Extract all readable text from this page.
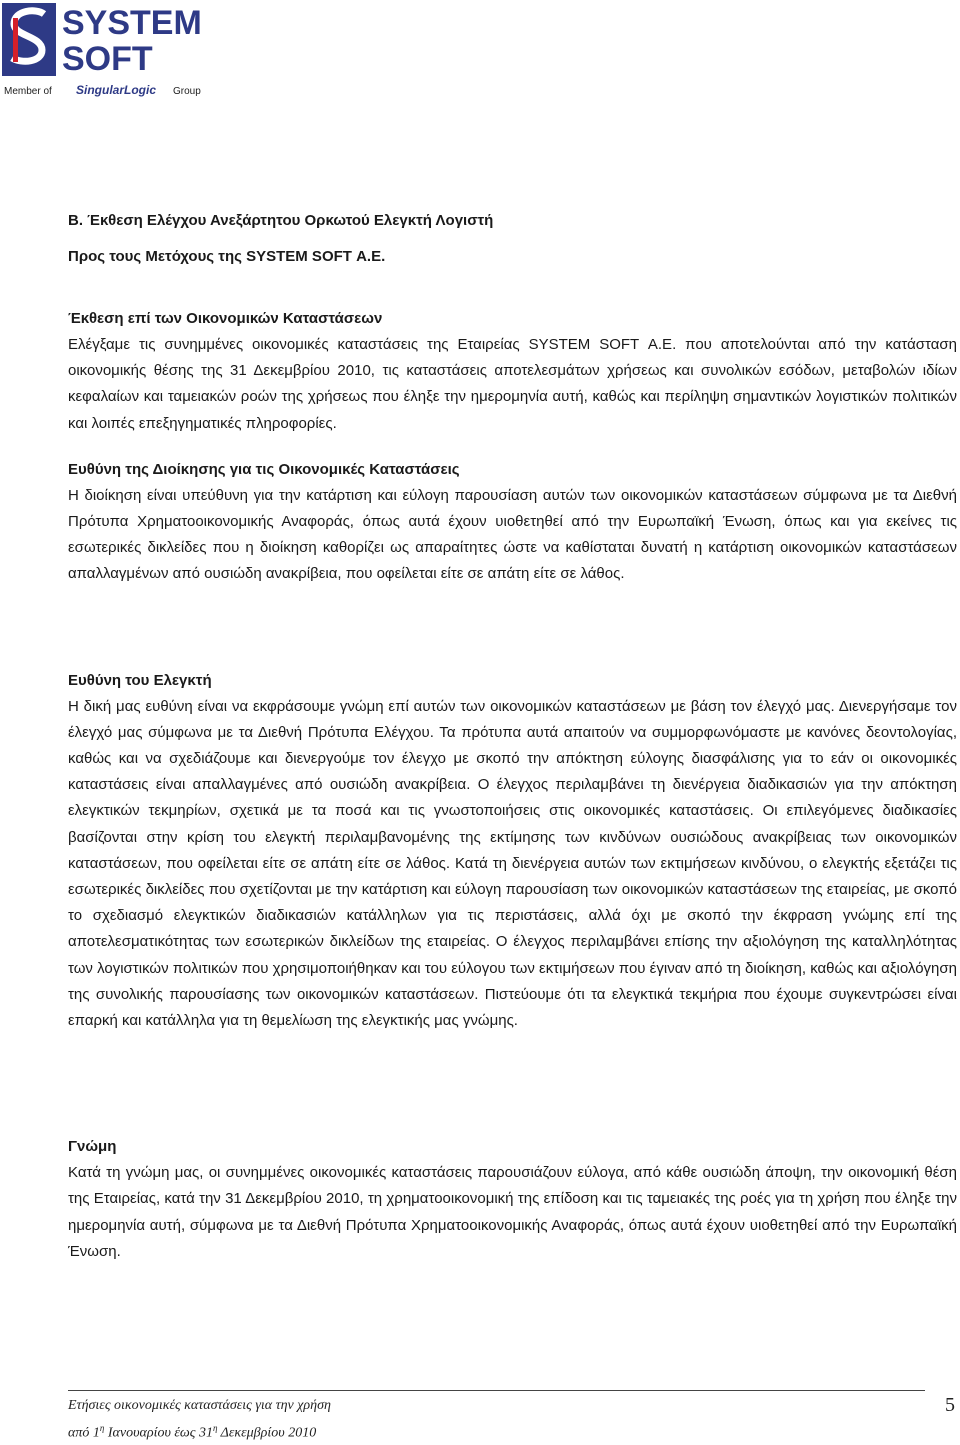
SYSTEM
SOFT
Member of SingularLogic Group
Β. Έκθεση Ελέγχου Ανεξάρτητου Ορκωτού Ελεγκτή Λογιστή
Προς τους Μετόχους της SYSTEM SOFT Α.Ε.
Έκθεση επί των Οικονομικών Καταστάσεων

Ελέγξαμε τις συνημμένες οικονομικές καταστάσεις της Εταιρείας SYSTEM SOFT Α.Ε. που αποτελούνται από την κατάσταση οικονομικής θέσης της 31 Δεκεμβρίου 2010, τις καταστάσεις αποτελεσμάτων χρήσεως και συνολικών εσόδων, μεταβολών ιδίων κεφαλαίων και ταμειακών ροών της χρήσεως που έληξε την ημερομηνία αυτή, καθώς και περίληψη σημαντικών λογιστικών πολιτικών και λοιπές επεξηγηματικές πληροφορίες.

Ευθύνη της Διοίκησης για τις Οικονομικές Καταστάσεις

Η διοίκηση είναι υπεύθυνη για την κατάρτιση και εύλογη παρουσίαση αυτών των οικονομικών καταστάσεων σύμφωνα με τα Διεθνή Πρότυπα Χρηματοοικονομικής Αναφοράς, όπως αυτά έχουν υιοθετηθεί από την Ευρωπαϊκή Ένωση, όπως και για εκείνες τις εσωτερικές δικλείδες που η διοίκηση καθορίζει ως απαραίτητες ώστε να καθίσταται δυνατή η κατάρτιση οικονομικών καταστάσεων απαλλαγμένων από ουσιώδη ανακρίβεια, που οφείλεται είτε σε απάτη είτε σε λάθος.

Ευθύνη του Ελεγκτή

Η δική μας ευθύνη είναι να εκφράσουμε γνώμη επί αυτών των οικονομικών καταστάσεων με βάση τον έλεγχό μας. Διενεργήσαμε τον έλεγχό μας σύμφωνα με τα Διεθνή Πρότυπα Ελέγχου. Τα πρότυπα αυτά απαιτούν να συμμορφωνόμαστε με κανόνες δεοντολογίας, καθώς και να σχεδιάζουμε και διενεργούμε τον έλεγχο με σκοπό την απόκτηση εύλογης διασφάλισης για το εάν οι οικονομικές καταστάσεις είναι απαλλαγμένες από ουσιώδη ανακρίβεια. Ο έλεγχος περιλαμβάνει τη διενέργεια διαδικασιών για την απόκτηση ελεγκτικών τεκμηρίων, σχετικά με τα ποσά και τις γνωστοποιήσεις στις οικονομικές καταστάσεις. Οι επιλεγόμενες διαδικασίες βασίζονται στην κρίση του ελεγκτή περιλαμβανομένης της εκτίμησης των κινδύνων ουσιώδους ανακρίβειας των οικονομικών καταστάσεων, που οφείλεται είτε σε απάτη είτε σε λάθος. Κατά τη διενέργεια αυτών των εκτιμήσεων κινδύνου, ο ελεγκτής εξετάζει τις εσωτερικές δικλείδες που σχετίζονται με την κατάρτιση και εύλογη παρουσίαση των οικονομικών καταστάσεων της εταιρείας, με σκοπό το σχεδιασμό ελεγκτικών διαδικασιών κατάλληλων για τις περιστάσεις, αλλά όχι με σκοπό την έκφραση γνώμης επί της αποτελεσματικότητας των εσωτερικών δικλείδων της εταιρείας. Ο έλεγχος περιλαμβάνει επίσης την αξιολόγηση της καταλληλότητας των λογιστικών πολιτικών που χρησιμοποιήθηκαν και του εύλογου των εκτιμήσεων που έγιναν από τη διοίκηση, καθώς και αξιολόγηση της συνολικής παρουσίασης των οικονομικών καταστάσεων. Πιστεύουμε ότι τα ελεγκτικά τεκμήρια που έχουμε συγκεντρώσει είναι επαρκή και κατάλληλα για τη θεμελίωση της ελεγκτικής μας γνώμης.

Γνώμη

Κατά τη γνώμη μας, οι συνημμένες οικονομικές καταστάσεις παρουσιάζουν εύλογα, από κάθε ουσιώδη άποψη, την οικονομική θέση της Εταιρείας, κατά την 31 Δεκεμβρίου 2010, τη χρηματοοικονομική της επίδοση και τις ταμειακές της ροές για τη χρήση που έληξε την ημερομηνία αυτή, σύμφωνα με τα Διεθνή Πρότυπα Χρηματοοικονομικής Αναφοράς, όπως αυτά έχουν υιοθετηθεί από την Ευρωπαϊκή Ένωση.

Ετήσιες οικονομικές καταστάσεις για την χρήση
από $1^\eta$ Ιανουαρίου έως $31^\eta$ Δεκεμβρίου 2010
5
